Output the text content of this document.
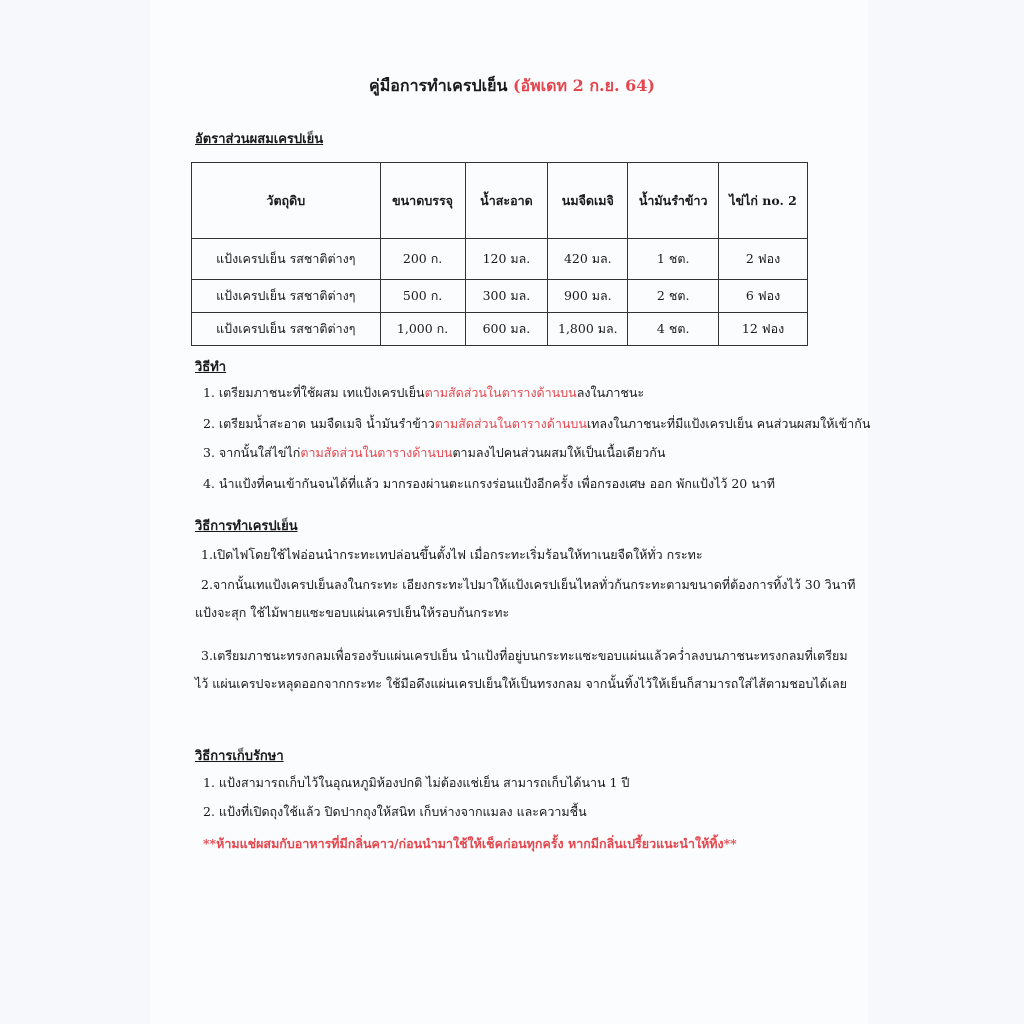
คู่มือการทำเครปเย็น (อัพเดท 2 ก.ย. 64)
อัตราส่วนผสมเครปเย็น
วัตถุดิบ	ขนาดบรรจุ	น้ำสะอาด	นมจืดเมจิ	น้ำมันรำข้าว	ไข่ไก่ no. 2
แป้งเครปเย็น รสชาติต่างๆ	200 ก.	120 มล.	420 มล.	1 ชต.	2 ฟอง
แป้งเครปเย็น รสชาติต่างๆ	500 ก.	300 มล.	900 มล.	2 ชต.	6 ฟอง
แป้งเครปเย็น รสชาติต่างๆ	1,000 ก.	600 มล.	1,800 มล.	4 ชต.	12 ฟอง
วิธีทำ
1. เตรียมภาชนะที่ใช้ผสม เทแป้งเครปเย็นตามสัดส่วนในตารางด้านบนลงในภาชนะ
2. เตรียมน้ำสะอาด นมจืดเมจิ น้ำมันรำข้าวตามสัดส่วนในตารางด้านบนเทลงในภาชนะที่มีแป้งเครปเย็น คนส่วนผสมให้เข้ากัน
3. จากนั้นใส่ไข่ไก่ตามสัดส่วนในตารางด้านบนตามลงไปคนส่วนผสมให้เป็นเนื้อเดียวกัน
4. นำแป้งที่คนเข้ากันจนได้ที่แล้ว มากรองผ่านตะแกรงร่อนแป้งอีกครั้ง เพื่อกรองเศษ ออก พักแป้งไว้ 20 นาที
วิธีการทำเครปเย็น
1.เปิดไฟโดยใช้ไฟอ่อนนำกระทะเทปล่อนขึ้นตั้งไฟ เมื่อกระทะเริ่มร้อนให้ทาเนยจืดให้ทั่ว กระทะ
2.จากนั้นเทแป้งเครปเย็นลงในกระทะ เอียงกระทะไปมาให้แป้งเครปเย็นไหลทั่วก้นกระทะตามขนาดที่ต้องการทิ้งไว้ 30 วินาที
แป้งจะสุก ใช้ไม้พายแซะขอบแผ่นเครปเย็นให้รอบก้นกระทะ
3.เตรียมภาชนะทรงกลมเพื่อรองรับแผ่นเครปเย็น นำแป้งที่อยู่บนกระทะแซะขอบแผ่นแล้วคว่ำลงบนภาชนะทรงกลมที่เตรียม
ไว้ แผ่นเครปจะหลุดออกจากกระทะ ใช้มือดึงแผ่นเครปเย็นให้เป็นทรงกลม จากนั้นทิ้งไว้ให้เย็นก็สามารถใส่ไส้ตามชอบได้เลย
วิธีการเก็บรักษา
1. แป้งสามารถเก็บไว้ในอุณหภูมิห้องปกติ ไม่ต้องแช่เย็น สามารถเก็บได้นาน 1 ปี
2. แป้งที่เปิดถุงใช้แล้ว ปิดปากถุงให้สนิท เก็บห่างจากแมลง และความชื้น
**ห้ามแช่ผสมกับอาหารที่มีกลิ่นคาว/ก่อนนำมาใช้ให้เช็คก่อนทุกครั้ง หากมีกลิ่นเปรี้ยวแนะนำให้ทิ้ง**
